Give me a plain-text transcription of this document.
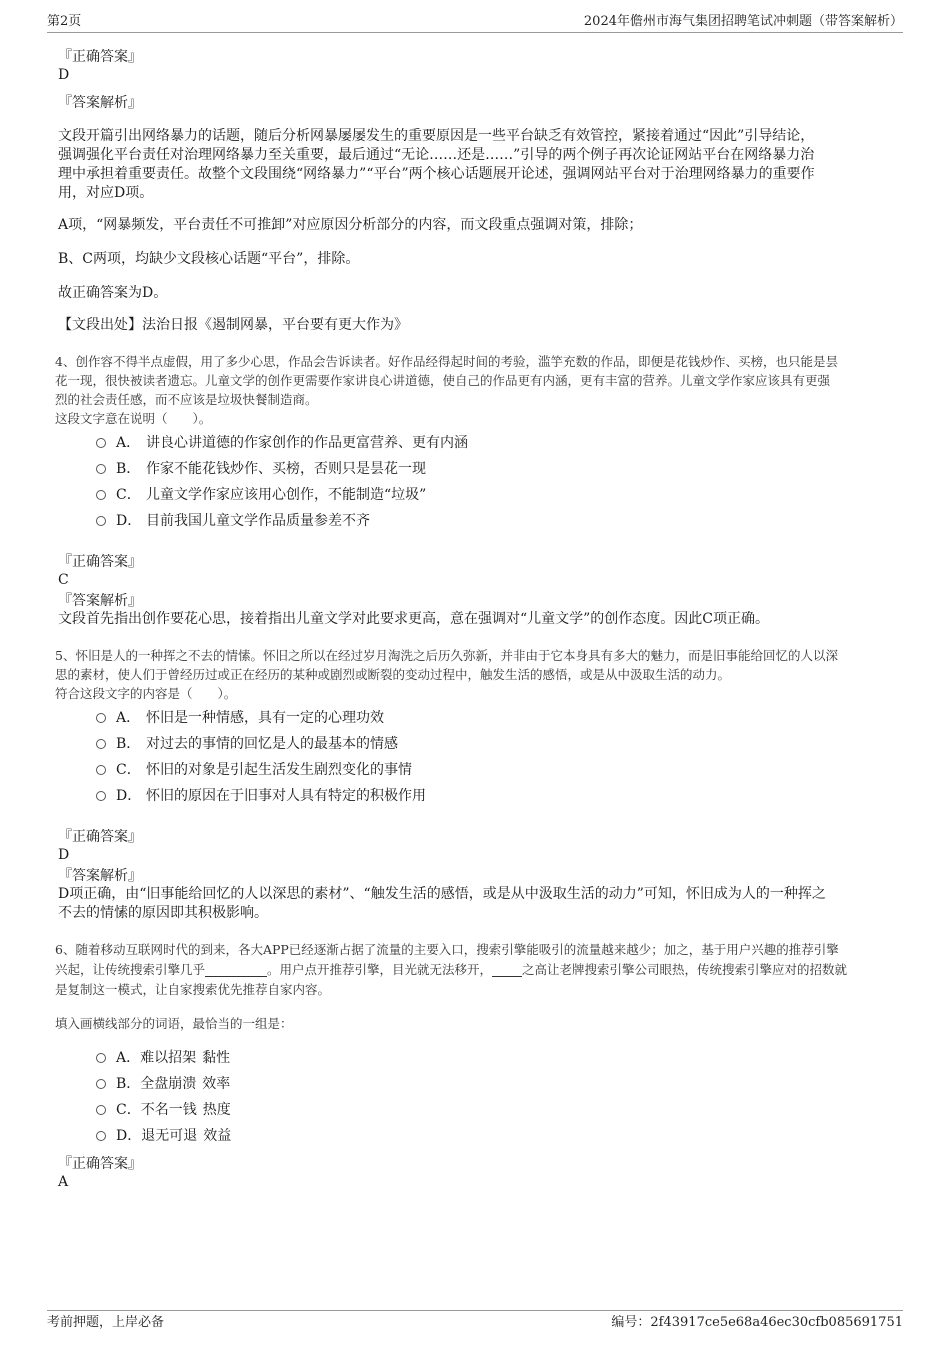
第2页	2024年儋州市海气集团招聘笔试冲刺题（带答案解析）
『正确答案』
D
『答案解析』
文段开篇引出网络暴力的话题，随后分析网暴屡屡发生的重要原因是一些平台缺乏有效管控，紧接着通过“因此”引导结论，
强调强化平台责任对治理网络暴力至关重要，最后通过“无论……还是……”引导的两个例子再次论证网站平台在网络暴力治
理中承担着重要责任。故整个文段围绕“网络暴力”“平台”两个核心话题展开论述，强调网站平台对于治理网络暴力的重要作
用，对应D项。
A项，“网暴频发，平台责任不可推卸”对应原因分析部分的内容，而文段重点强调对策，排除；
B、C两项，均缺少文段核心话题“平台”，排除。
故正确答案为D。
【文段出处】法治日报《遏制网暴，平台要有更大作为》
4、创作容不得半点虚假，用了多少心思，作品会告诉读者。好作品经得起时间的考验，滥竽充数的作品，即便是花钱炒作、买榜，也只能是昙
花一现，很快被读者遗忘。儿童文学的创作更需要作家讲良心讲道德，使自己的作品更有内涵，更有丰富的营养。儿童文学作家应该具有更强
烈的社会责任感，而不应该是垃圾快餐制造商。
这段文字意在说明（　　）。
A． 讲良心讲道德的作家创作的作品更富营养、更有内涵
B． 作家不能花钱炒作、买榜，否则只是昙花一现
C． 儿童文学作家应该用心创作，不能制造“垃圾”
D． 目前我国儿童文学作品质量参差不齐
『正确答案』
C
『答案解析』
文段首先指出创作要花心思，接着指出儿童文学对此要求更高，意在强调对“儿童文学”的创作态度。因此C项正确。
5、怀旧是人的一种挥之不去的情愫。怀旧之所以在经过岁月淘洗之后历久弥新，并非由于它本身具有多大的魅力，而是旧事能给回忆的人以深
思的素材，使人们于曾经历过或正在经历的某种或剧烈或断裂的变动过程中，触发生活的感悟，或是从中汲取生活的动力。
符合这段文字的内容是（　　）。
A． 怀旧是一种情感，具有一定的心理功效
B． 对过去的事情的回忆是人的最基本的情感
C． 怀旧的对象是引起生活发生剧烈变化的事情
D． 怀旧的原因在于旧事对人具有特定的积极作用
『正确答案』
D
『答案解析』
D项正确，由“旧事能给回忆的人以深思的素材”、“触发生活的感悟，或是从中汲取生活的动力”可知，怀旧成为人的一种挥之
不去的情愫的原因即其积极影响。
6、随着移动互联网时代的到来，各大APP已经逐渐占据了流量的主要入口，搜索引擎能吸引的流量越来越少；加之，基于用户兴趣的推荐引擎
兴起，让传统搜索引擎几乎	。用户点开推荐引擎，目光就无法移开， 之高让老牌搜索引擎公司眼热，传统搜索引擎应对的招数就
是复制这一模式，让自家搜索优先推荐自家内容。
填入画横线部分的词语，最恰当的一组是：
A．难以招架 黏性
B．全盘崩溃 效率
C．不名一钱 热度
D．退无可退 效益
『正确答案』
A
考前押题，上岸必备	编号：2f43917ce5e68a46ec30cfb085691751
